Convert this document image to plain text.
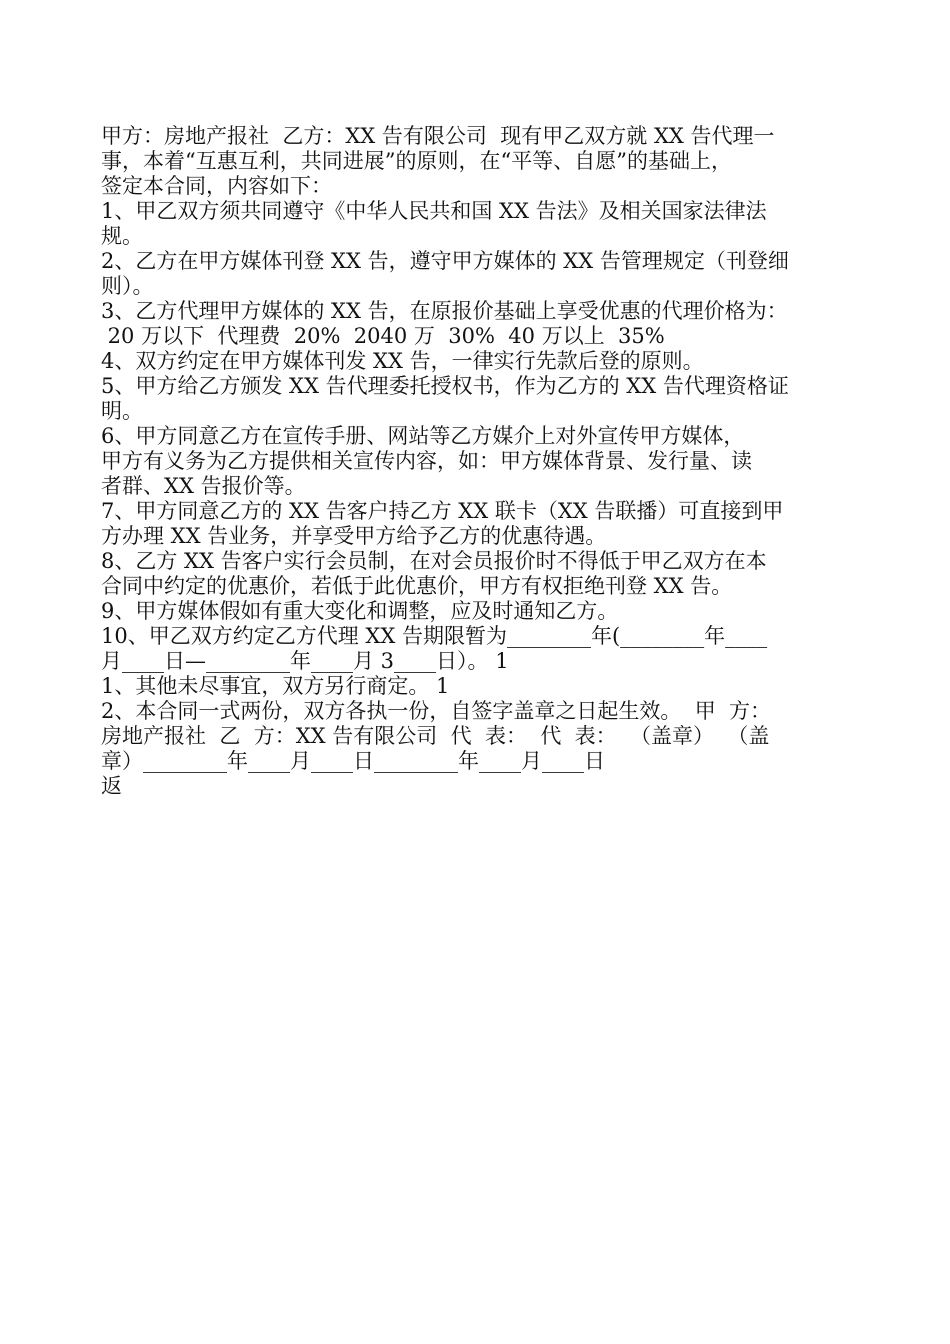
甲方：房地产报社  乙方：XX 告有限公司  现有甲乙双方就 XX 告代理一
事，本着“互惠互利，共同进展”的原则，在“平等、自愿”的基础上，
签定本合同，内容如下：
1、甲乙双方须共同遵守《中华人民共和国 XX 告法》及相关国家法律法
规。
2、乙方在甲方媒体刊登 XX 告，遵守甲方媒体的 XX 告管理规定（刊登细
则）。
3、乙方代理甲方媒体的 XX 告，在原报价基础上享受优惠的代理价格为：
20 万以下  代理费  20%  2040 万  30%  40 万以上  35%
4、双方约定在甲方媒体刊发 XX 告，一律实行先款后登的原则。
5、甲方给乙方颁发 XX 告代理委托授权书，作为乙方的 XX 告代理资格证
明。
6、甲方同意乙方在宣传手册、网站等乙方媒介上对外宣传甲方媒体，
甲方有义务为乙方提供相关宣传内容，如：甲方媒体背景、发行量、读
者群、XX 告报价等。
7、甲方同意乙方的 XX 告客户持乙方 XX 联卡（XX 告联播）可直接到甲
方办理 XX 告业务，并享受甲方给予乙方的优惠待遇。
8、乙方 XX 告客户实行会员制，在对会员报价时不得低于甲乙双方在本
合同中约定的优惠价，若低于此优惠价，甲方有权拒绝刊登 XX 告。
9、甲方媒体假如有重大变化和调整，应及时通知乙方。
10、甲乙双方约定乙方代理 XX 告期限暂为________年(________年____
月____日—________年____月 3____日）。 1
1、其他未尽事宜，双方另行商定。 1
2、本合同一式两份，双方各执一份，自签字盖章之日起生效。  甲  方：
房地产报社  乙  方：XX 告有限公司  代  表：  代  表：  （盖章）  （盖
章）________年____月____日________年____月____日
返
